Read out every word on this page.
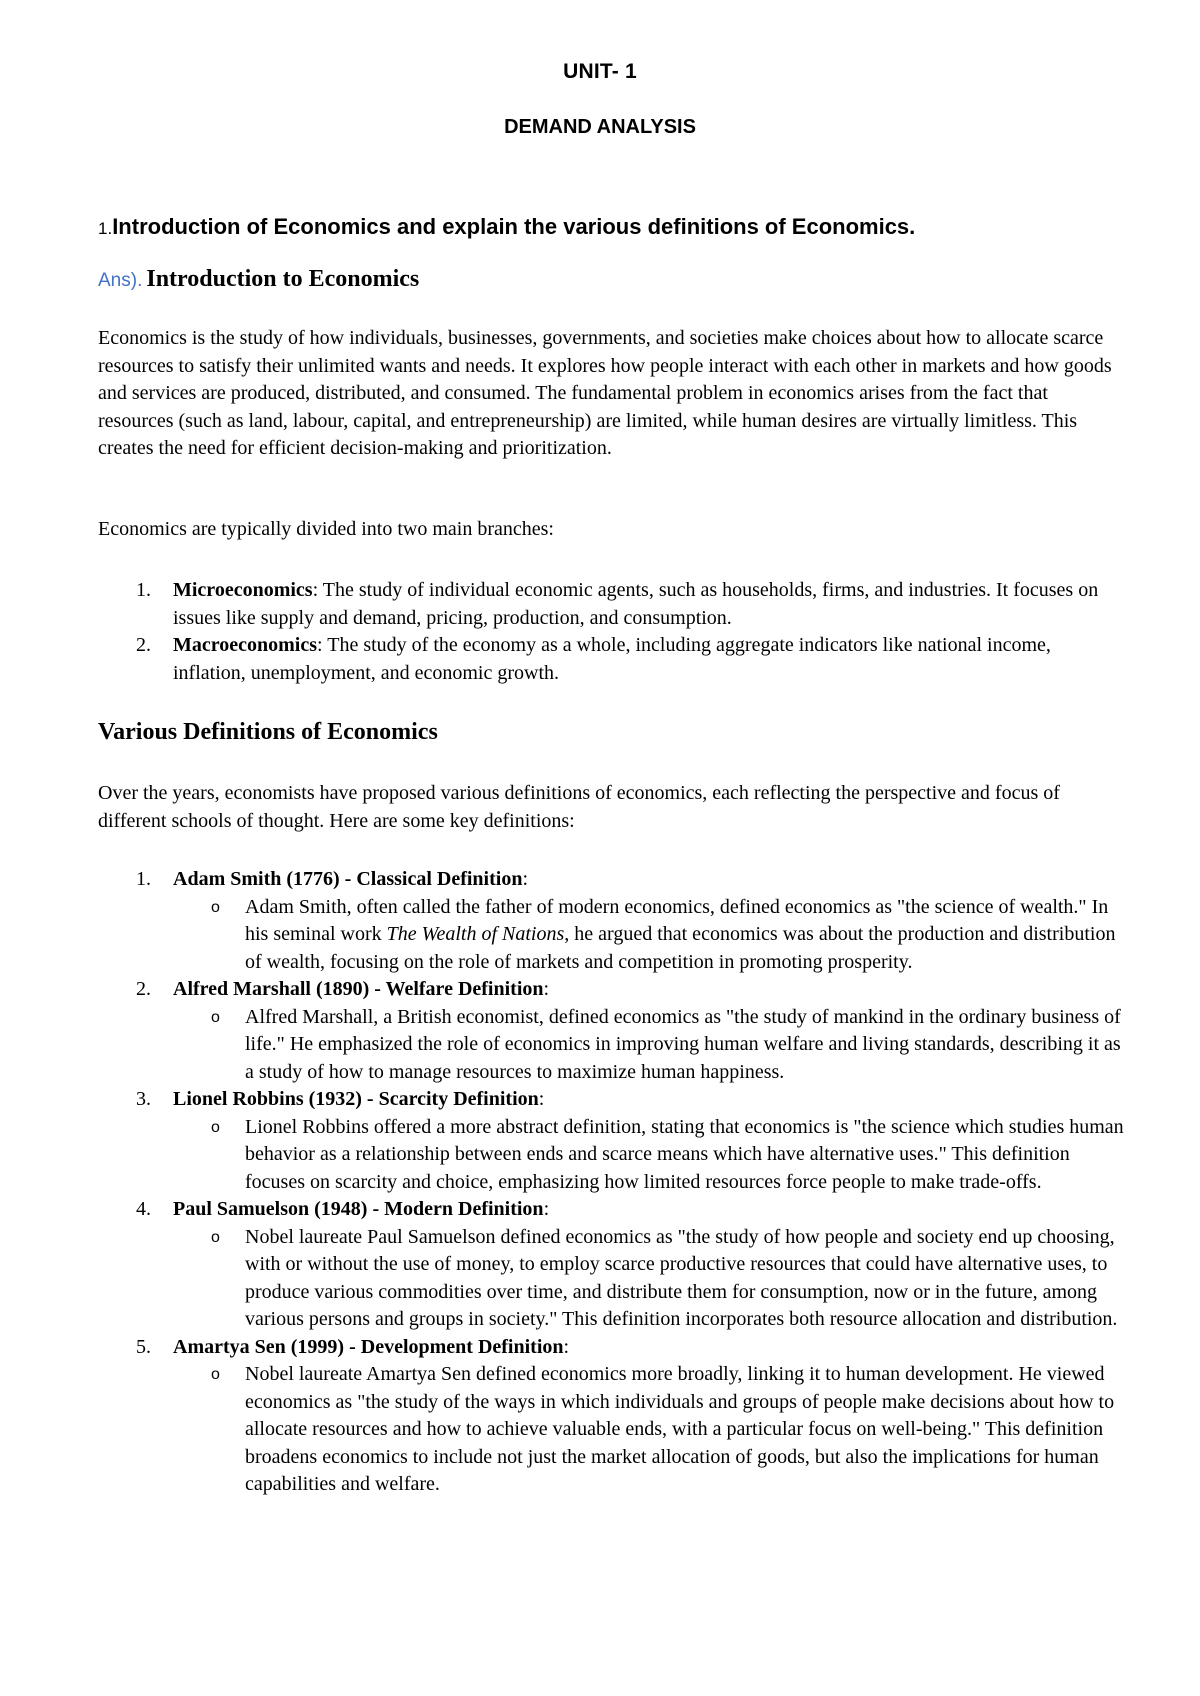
UNIT- 1
DEMAND ANALYSIS
1.Introduction of Economics and explain the various definitions of Economics.
Ans). Introduction to Economics
Economics is the study of how individuals, businesses, governments, and societies make choices about how to allocate scarce resources to satisfy their unlimited wants and needs. It explores how people interact with each other in markets and how goods and services are produced, distributed, and consumed. The fundamental problem in economics arises from the fact that resources (such as land, labour, capital, and entrepreneurship) are limited, while human desires are virtually limitless. This creates the need for efficient decision-making and prioritization.
Economics are typically divided into two main branches:
1. Microeconomics: The study of individual economic agents, such as households, firms, and industries. It focuses on issues like supply and demand, pricing, production, and consumption.
2. Macroeconomics: The study of the economy as a whole, including aggregate indicators like national income, inflation, unemployment, and economic growth.
Various Definitions of Economics
Over the years, economists have proposed various definitions of economics, each reflecting the perspective and focus of different schools of thought. Here are some key definitions:
1. Adam Smith (1776) - Classical Definition:
o Adam Smith, often called the father of modern economics, defined economics as "the science of wealth." In his seminal work The Wealth of Nations, he argued that economics was about the production and distribution of wealth, focusing on the role of markets and competition in promoting prosperity.
2. Alfred Marshall (1890) - Welfare Definition:
o Alfred Marshall, a British economist, defined economics as "the study of mankind in the ordinary business of life." He emphasized the role of economics in improving human welfare and living standards, describing it as a study of how to manage resources to maximize human happiness.
3. Lionel Robbins (1932) - Scarcity Definition:
o Lionel Robbins offered a more abstract definition, stating that economics is "the science which studies human behavior as a relationship between ends and scarce means which have alternative uses." This definition focuses on scarcity and choice, emphasizing how limited resources force people to make trade-offs.
4. Paul Samuelson (1948) - Modern Definition:
o Nobel laureate Paul Samuelson defined economics as "the study of how people and society end up choosing, with or without the use of money, to employ scarce productive resources that could have alternative uses, to produce various commodities over time, and distribute them for consumption, now or in the future, among various persons and groups in society." This definition incorporates both resource allocation and distribution.
5. Amartya Sen (1999) - Development Definition:
o Nobel laureate Amartya Sen defined economics more broadly, linking it to human development. He viewed economics as "the study of the ways in which individuals and groups of people make decisions about how to allocate resources and how to achieve valuable ends, with a particular focus on well-being." This definition broadens economics to include not just the market allocation of goods, but also the implications for human capabilities and welfare.
